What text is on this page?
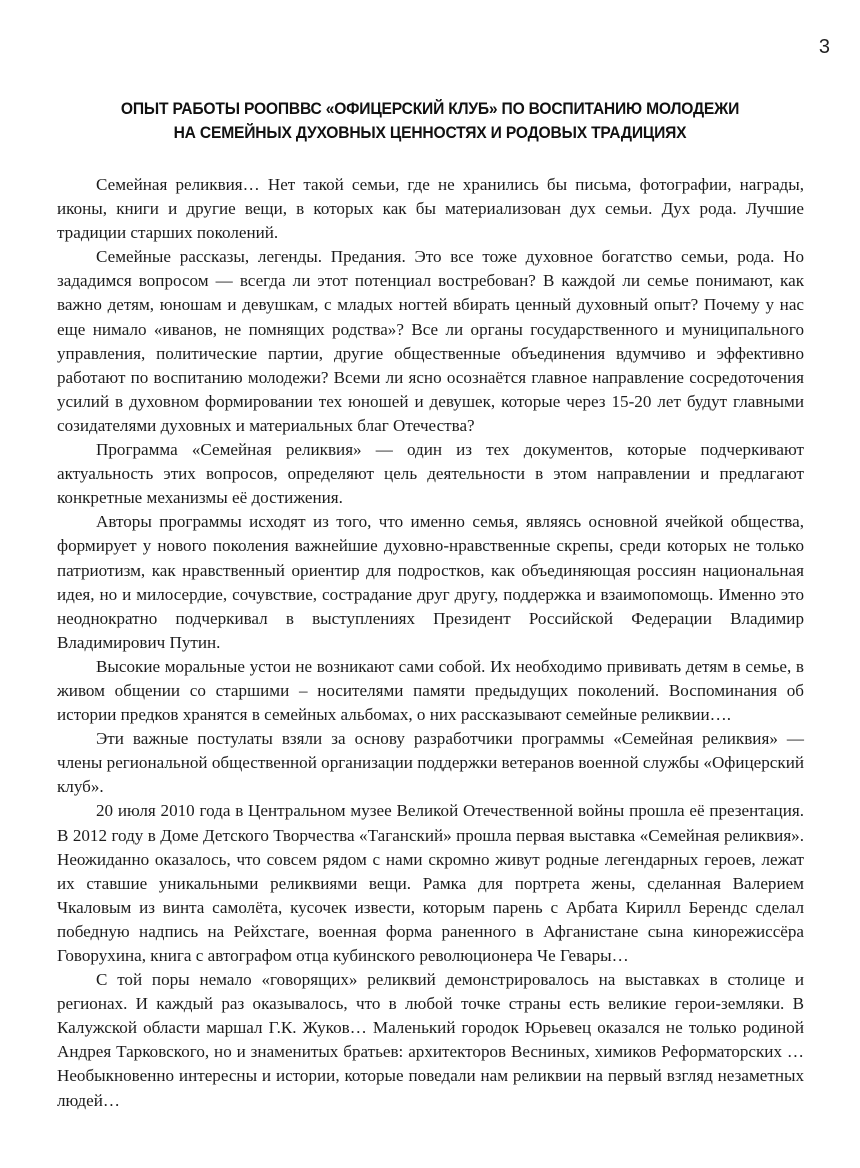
3
ОПЫТ РАБОТЫ РООПВВС «ОФИЦЕРСКИЙ КЛУБ» ПО ВОСПИТАНИЮ МОЛОДЕЖИ
НА СЕМЕЙНЫХ ДУХОВНЫХ ЦЕННОСТЯХ И РОДОВЫХ ТРАДИЦИЯХ

Семейная реликвия… Нет такой семьи, где не хранились бы письма, фотографии, награды, иконы, книги и другие вещи, в которых как бы материализован дух семьи. Дух рода. Лучшие традиции старших поколений.

Семейные рассказы, легенды. Предания. Это все тоже духовное богатство семьи, рода. Но зададимся вопросом — всегда ли этот потенциал востребован? В каждой ли семье понимают, как важно детям, юношам и девушкам, с младых ногтей вбирать ценный духовный опыт? Почему у нас еще нимало «иванов, не помнящих родства»? Все ли органы государственного и муниципального управления, политические партии, другие общественные объединения вдумчиво и эффективно работают по воспитанию молодежи? Всеми ли ясно осознаётся главное направление сосредоточения усилий в духовном формировании тех юношей и девушек, которые через 15-20 лет будут главными созидателями духовных и материальных благ Отечества?

Программа «Семейная реликвия» — один из тех документов, которые подчеркивают актуальность этих вопросов, определяют цель деятельности в этом направлении и предлагают конкретные механизмы её достижения.

Авторы программы исходят из того, что именно семья, являясь основной ячейкой общества, формирует у нового поколения важнейшие духовно-нравственные скрепы, среди которых не только патриотизм, как нравственный ориентир для подростков, как объединяющая россиян национальная идея, но и милосердие, сочувствие, сострадание друг другу, поддержка и взаимопомощь. Именно это неоднократно подчеркивал в выступлениях Президент Российской Федерации Владимир Владимирович Путин.

Высокие моральные устои не возникают сами собой. Их необходимо прививать детям в семье, в живом общении со старшими – носителями памяти предыдущих поколений. Воспоминания об истории предков хранятся в семейных альбомах, о них рассказывают семейные реликвии….

Эти важные постулаты взяли за основу разработчики программы «Семейная реликвия» — члены региональной общественной организации поддержки ветеранов военной службы «Офицерский клуб».

20 июля 2010 года в Центральном музее Великой Отечественной войны прошла её презентация. В 2012 году в Доме Детского Творчества «Таганский» прошла первая выставка «Семейная реликвия». Неожиданно оказалось, что совсем рядом с нами скромно живут родные легендарных героев, лежат их ставшие уникальными реликвиями вещи. Рамка для портрета жены, сделанная Валерием Чкаловым из винта самолёта, кусочек извести, которым парень с Арбата Кирилл Берендс сделал победную надпись на Рейхстаге, военная форма раненного в Афганистане сына кинорежиссёра Говорухина, книга с автографом отца кубинского революционера Че Гевары…

С той поры немало «говорящих» реликвий демонстрировалось на выставках в столице и регионах. И каждый раз оказывалось, что в любой точке страны есть великие герои-земляки. В Калужской области маршал Г.К. Жуков… Маленький городок Юрьевец оказался не только родиной Андрея Тарковского, но и знаменитых братьев: архитекторов Весниных, химиков Реформаторских … Необыкновенно интересны и истории, которые поведали нам реликвии на первый взгляд незаметных людей…
